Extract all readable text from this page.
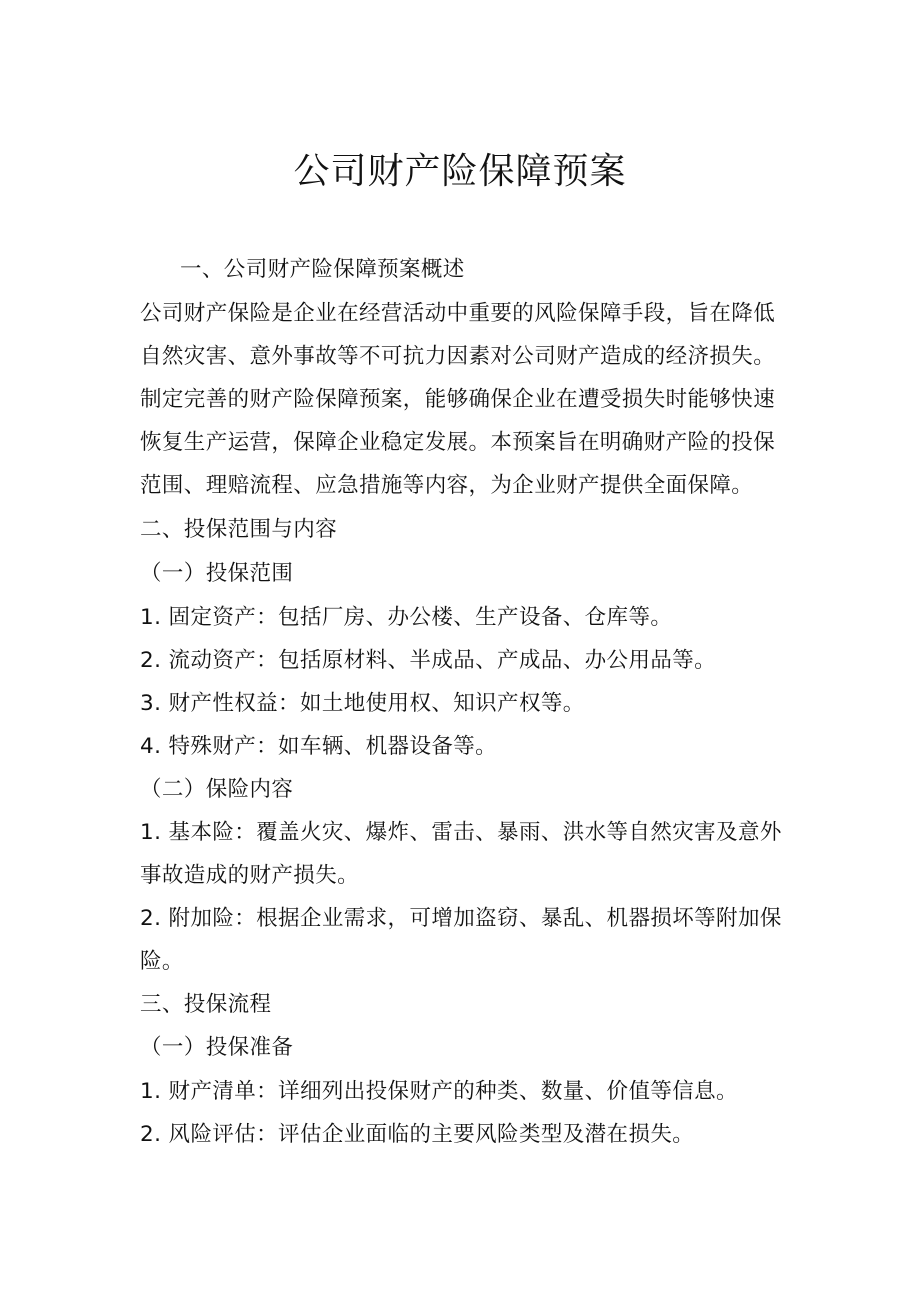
公司财产险保障预案
一、公司财产险保障预案概述
公司财产保险是企业在经营活动中重要的风险保障手段，旨在降低
自然灾害、意外事故等不可抗力因素对公司财产造成的经济损失。
制定完善的财产险保障预案，能够确保企业在遭受损失时能够快速
恢复生产运营，保障企业稳定发展。本预案旨在明确财产险的投保
范围、理赔流程、应急措施等内容，为企业财产提供全面保障。
二、投保范围与内容
（一）投保范围
1. 固定资产：包括厂房、办公楼、生产设备、仓库等。
2. 流动资产：包括原材料、半成品、产成品、办公用品等。
3. 财产性权益：如土地使用权、知识产权等。
4. 特殊财产：如车辆、机器设备等。
（二）保险内容
1. 基本险：覆盖火灾、爆炸、雷击、暴雨、洪水等自然灾害及意外
事故造成的财产损失。
2. 附加险：根据企业需求，可增加盗窃、暴乱、机器损坏等附加保
险。
三、投保流程
（一）投保准备
1. 财产清单：详细列出投保财产的种类、数量、价值等信息。
2. 风险评估：评估企业面临的主要风险类型及潜在损失。
